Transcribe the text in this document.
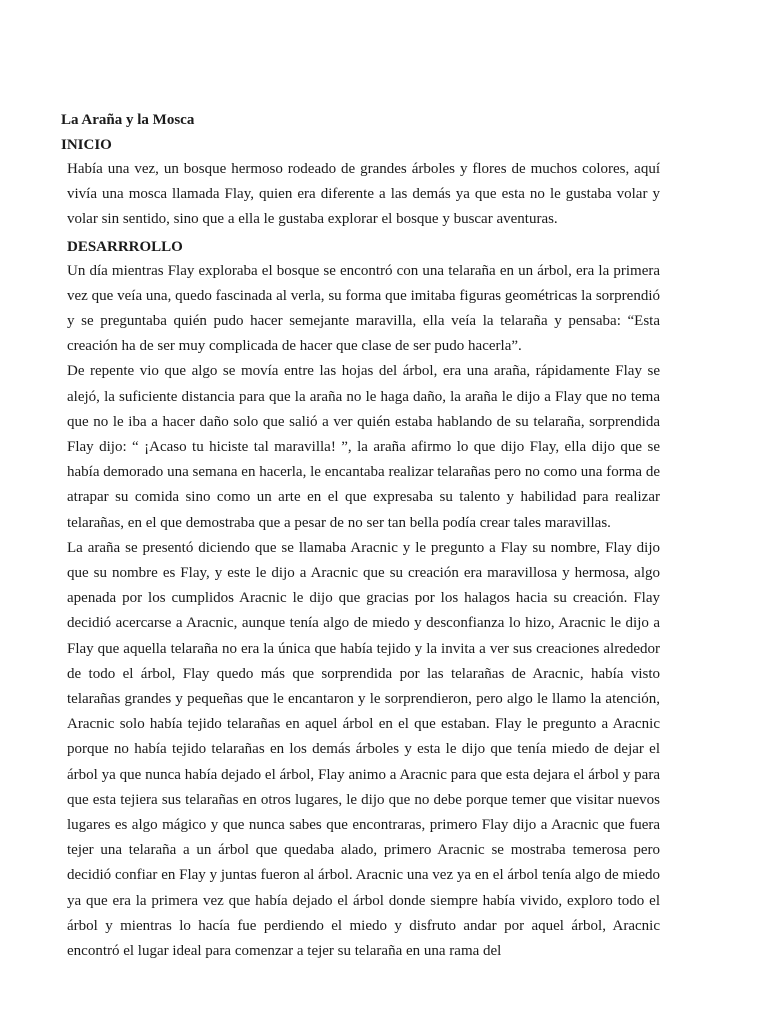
La Araña y la Mosca
INICIO

Había una vez, un bosque hermoso rodeado de grandes árboles y flores de muchos colores, aquí vivía una mosca llamada Flay, quien era diferente a las demás ya que esta no le gustaba volar y volar sin sentido, sino que a ella le gustaba explorar el bosque y buscar aventuras.

DESARRROLLO

Un día mientras Flay exploraba el bosque se encontró con una telaraña en un árbol, era la primera vez que veía una, quedo fascinada al verla, su forma que imitaba figuras geométricas la sorprendió y se preguntaba quién pudo hacer semejante maravilla, ella veía la telaraña y pensaba: “Esta creación ha de ser muy complicada de hacer que clase de ser pudo hacerla”.

De repente vio que algo se movía entre las hojas del árbol, era una araña, rápidamente Flay se alejó, la suficiente distancia para que la araña no le haga daño, la araña le dijo a Flay que no tema que no le iba a hacer daño solo que salió a ver quién estaba hablando de su telaraña, sorprendida Flay dijo: “ ¡Acaso tu hiciste tal maravilla! ”, la araña afirmo lo que dijo Flay, ella dijo que se había demorado una semana en hacerla, le encantaba realizar telarañas pero no como una forma de atrapar su comida sino como un arte en el que expresaba su talento y habilidad para realizar telarañas, en el que demostraba que a pesar de no ser tan bella podía crear tales maravillas.

La araña se presentó diciendo que se llamaba Aracnic y le pregunto a Flay su nombre, Flay dijo que su nombre es Flay, y este le dijo a Aracnic que su creación era maravillosa y hermosa, algo apenada por los cumplidos Aracnic le dijo que gracias por los halagos hacia su creación. Flay decidió acercarse a Aracnic, aunque tenía algo de miedo y desconfianza lo hizo, Aracnic le dijo a Flay que aquella telaraña no era la única que había tejido y la invita a ver sus creaciones alrededor de todo el árbol, Flay quedo más que sorprendida por las telarañas de Aracnic, había visto telarañas grandes y pequeñas que le encantaron y le sorprendieron, pero algo le llamo la atención, Aracnic solo había tejido telarañas en aquel árbol en el que estaban. Flay le pregunto a Aracnic porque no había tejido telarañas en los demás árboles y esta le dijo que tenía miedo de dejar el árbol ya que nunca había dejado el árbol, Flay animo a Aracnic para que esta dejara el árbol y para que esta tejiera sus telarañas en otros lugares, le dijo que no debe porque temer que visitar nuevos lugares es algo mágico y que nunca sabes que encontraras, primero Flay dijo a Aracnic que fuera tejer una telaraña a un árbol que quedaba alado, primero Aracnic se mostraba temerosa pero decidió confiar en Flay y juntas fueron al árbol. Aracnic una vez ya en el árbol tenía algo de miedo ya que era la primera vez que había dejado el árbol donde siempre había vivido, exploro todo el árbol y mientras lo hacía fue perdiendo el miedo y disfruto andar por aquel árbol, Aracnic encontró el lugar ideal para comenzar a tejer su telaraña en una rama del
